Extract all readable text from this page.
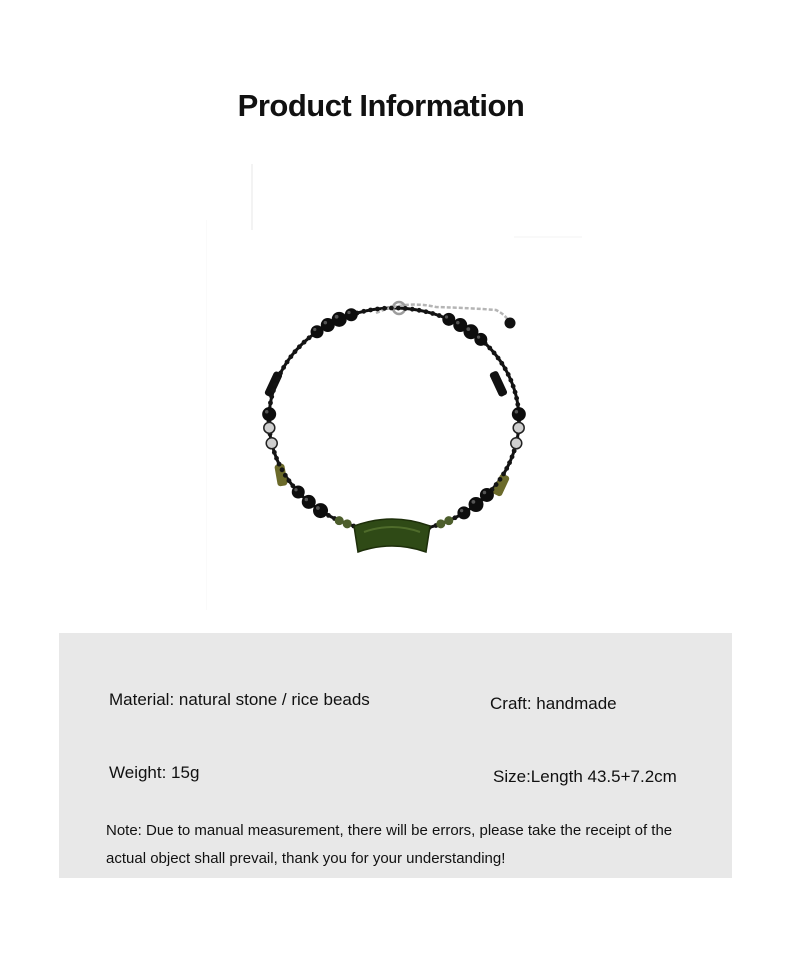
Product Information
Material: natural stone / rice beads	Craft: handmade
Weight: 15g	Size:Length 43.5+7.2cm
Note: Due to manual measurement, there will be errors, please take the receipt of the actual object shall prevail, thank you for your understanding!
